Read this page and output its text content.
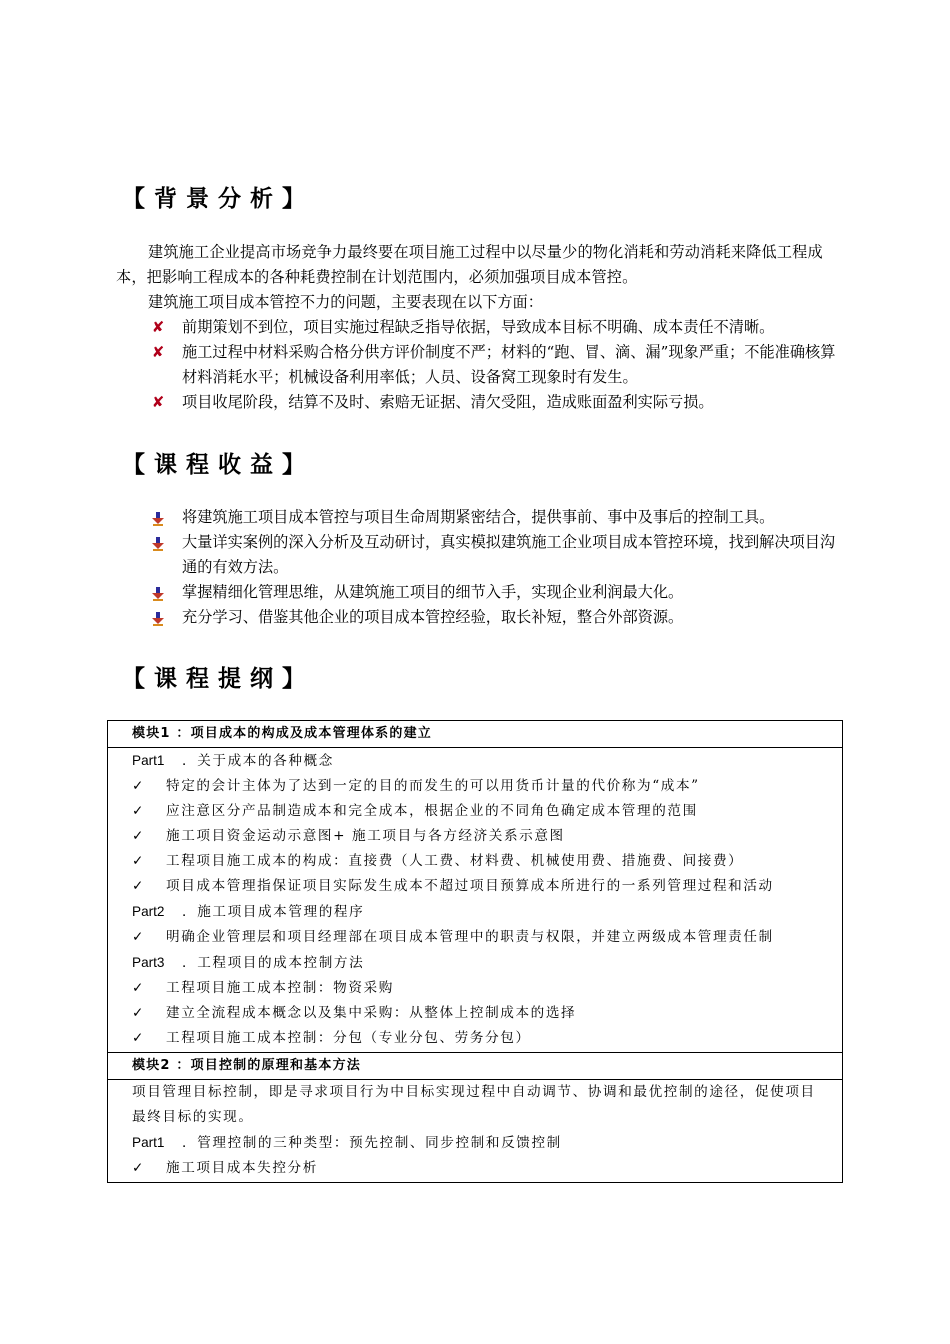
【背景分析】

建筑施工企业提高市场竞争力最终要在项目施工过程中以尽量少的物化消耗和劳动消耗来降低工程成本，把影响工程成本的各种耗费控制在计划范围内，必须加强项目成本管控。

建筑施工项目成本管控不力的问题，主要表现在以下方面：

✘ 前期策划不到位，项目实施过程缺乏指导依据，导致成本目标不明确、成本责任不清晰。
✘ 施工过程中材料采购合格分供方评价制度不严；材料的“跑、冒、滴、漏”现象严重；不能准确核算材料消耗水平；机械设备利用率低；人员、设备窝工现象时有发生。
✘ 项目收尾阶段，结算不及时、索赔无证据、清欠受阻，造成账面盈利实际亏损。
【课程收益】
将建筑施工项目成本管控与项目生命周期紧密结合，提供事前、事中及事后的控制工具。
大量详实案例的深入分析及互动研讨，真实模拟建筑施工企业项目成本管控环境，找到解决项目沟通的有效方法。
掌握精细化管理思维，从建筑施工项目的细节入手，实现企业利润最大化。
充分学习、借鉴其他企业的项目成本管控经验，取长补短，整合外部资源。
【课程提纲】
模块1 ：项目成本的构成及成本管理体系的建立

Part1 ．关于成本的各种概念
✓ 特定的会计主体为了达到一定的目的而发生的可以用货币计量的代价称为“成本”
✓ 应注意区分产品制造成本和完全成本，根据企业的不同角色确定成本管理的范围
✓ 施工项目资金运动示意图+ 施工项目与各方经济关系示意图
✓ 工程项目施工成本的构成：直接费（人工费、材料费、机械使用费、措施费、间接费）
✓ 项目成本管理指保证项目实际发生成本不超过项目预算成本所进行的一系列管理过程和活动
Part2 ．施工项目成本管理的程序
✓ 明确企业管理层和项目经理部在项目成本管理中的职责与权限，并建立两级成本管理责任制
Part3 ．工程项目的成本控制方法
✓ 工程项目施工成本控制：物资采购
✓ 建立全流程成本概念以及集中采购：从整体上控制成本的选择
✓ 工程项目施工成本控制：分包（专业分包、劳务分包）

模块2 ：项目控制的原理和基本方法

项目管理目标控制，即是寻求项目行为中目标实现过程中自动调节、协调和最优控制的途径，促使项目最终目标的实现。
Part1 ．管理控制的三种类型：预先控制、同步控制和反馈控制
✓ 施工项目成本失控分析
